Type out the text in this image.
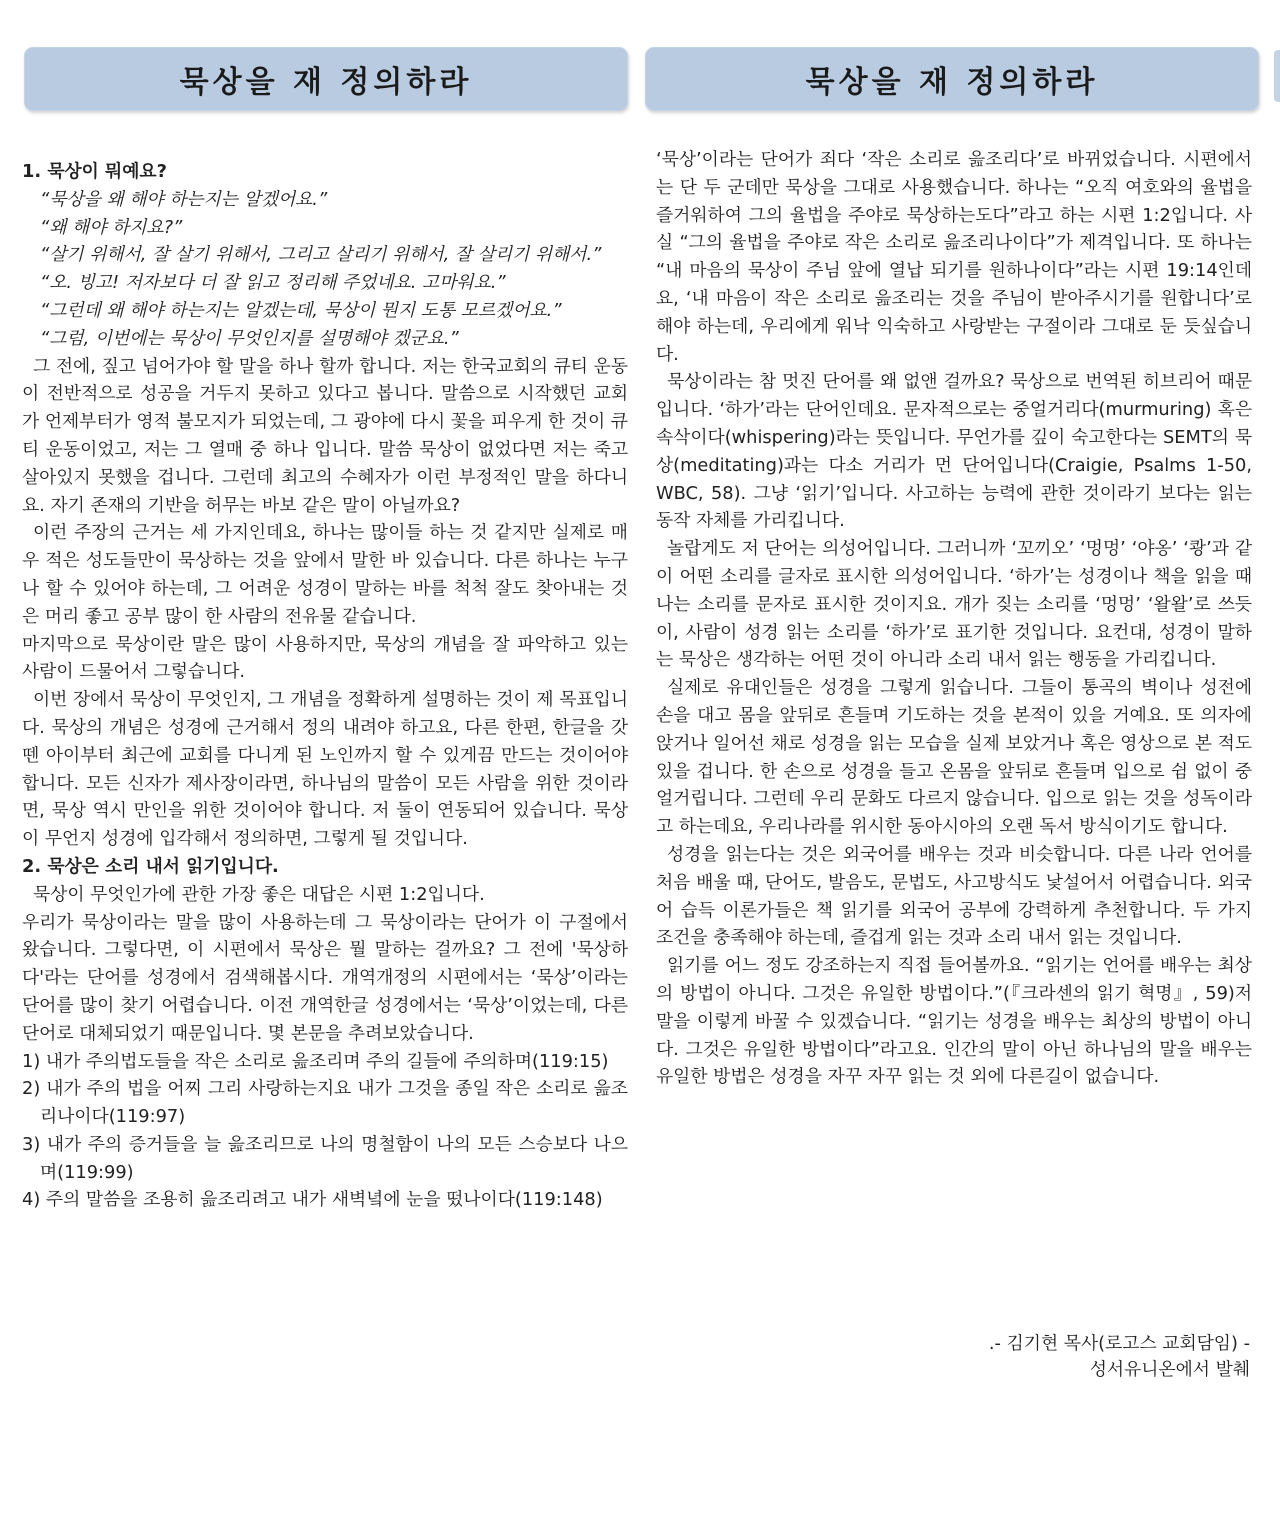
묵상을 재 정의하라	묵상을 재 정의하라

1. 묵상이 뭐예요?

“묵상을 왜 해야 하는지는 알겠어요.”

“왜 해야 하지요?”

“살기 위해서, 잘 살기 위해서, 그리고 살리기 위해서, 잘 살리기 위해서.”

“오. 빙고! 저자보다 더 잘 읽고 정리해 주었네요. 고마워요.”

“그런데 왜 해야 하는지는 알겠는데, 묵상이 뭔지 도통 모르겠어요.”

“그럼, 이번에는 묵상이 무엇인지를 설명해야 겠군요.”

그 전에, 짚고 넘어가야 할 말을 하나 할까 합니다. 저는 한국교회의 큐티 운동이 전반적으로 성공을 거두지 못하고 있다고 봅니다. 말씀으로 시작했던 교회가 언제부터가 영적 불모지가 되었는데, 그 광야에 다시 꽃을 피우게 한 것이 큐티 운동이었고, 저는 그 열매 중 하나 입니다. 말씀 묵상이 없었다면 저는 죽고 살아있지 못했을 겁니다. 그런데 최고의 수혜자가 이런 부정적인 말을 하다니요. 자기 존재의 기반을 허무는 바보 같은 말이 아닐까요?

이런 주장의 근거는 세 가지인데요, 하나는 많이들 하는 것 같지만 실제로 매우 적은 성도들만이 묵상하는 것을 앞에서 말한 바 있습니다. 다른 하나는 누구나 할 수 있어야 하는데, 그 어려운 성경이 말하는 바를 척척 잘도 찾아내는 것은 머리 좋고 공부 많이 한 사람의 전유물 같습니다.

마지막으로 묵상이란 말은 많이 사용하지만, 묵상의 개념을 잘 파악하고 있는 사람이 드물어서 그렇습니다.

이번 장에서 묵상이 무엇인지, 그 개념을 정확하게 설명하는 것이 제 목표입니다. 묵상의 개념은 성경에 근거해서 정의 내려야 하고요, 다른 한편, 한글을 갓 뗀 아이부터 최근에 교회를 다니게 된 노인까지 할 수 있게끔 만드는 것이어야 합니다. 모든 신자가 제사장이라면, 하나님의 말씀이 모든 사람을 위한 것이라면, 묵상 역시 만인을 위한 것이어야 합니다. 저 둘이 연동되어 있습니다. 묵상이 무언지 성경에 입각해서 정의하면, 그렇게 될 것입니다.

2. 묵상은 소리 내서 읽기입니다.

묵상이 무엇인가에 관한 가장 좋은 대답은 시편 1:2입니다.

우리가 묵상이라는 말을 많이 사용하는데 그 묵상이라는 단어가 이 구절에서 왔습니다. 그렇다면, 이 시편에서 묵상은 뭘 말하는 걸까요? 그 전에 '묵상하다'라는 단어를 성경에서 검색해봅시다. 개역개정의 시편에서는 ‘묵상’이라는 단어를 많이 찾기 어렵습니다. 이전 개역한글 성경에서는 ‘묵상’이었는데, 다른 단어로 대체되었기 때문입니다. 몇 본문을 추려보았습니다.

1) 내가 주의법도들을 작은 소리로 읊조리며 주의 길들에 주의하며(119:15)

2) 내가 주의 법을 어찌 그리 사랑하는지요 내가 그것을 종일 작은 소리로 읊조리나이다(119:97)

3) 내가 주의 증거들을 늘 읊조리므로 나의 명철함이 나의 모든 스승보다 나으며(119:99)

4) 주의 말씀을 조용히 읊조리려고 내가 새벽녘에 눈을 떴나이다(119:148)

‘묵상’이라는 단어가 죄다 ‘작은 소리로 읊조리다’로 바뀌었습니다. 시편에서는 단 두 군데만 묵상을 그대로 사용했습니다. 하나는 “오직 여호와의 율법을 즐거워하여 그의 율법을 주야로 묵상하는도다”라고 하는 시편 1:2입니다. 사실 “그의 율법을 주야로 작은 소리로 읊조리나이다”가 제격입니다. 또 하나는 “내 마음의 묵상이 주님 앞에 열납 되기를 원하나이다”라는 시편 19:14인데요, ‘내 마음이 작은 소리로 읊조리는 것을 주님이 받아주시기를 원합니다’로 해야 하는데, 우리에게 워낙 익숙하고 사랑받는 구절이라 그대로 둔 듯싶습니다.

묵상이라는 참 멋진 단어를 왜 없앤 걸까요? 묵상으로 번역된 히브리어 때문입니다. ‘하가’라는 단어인데요. 문자적으로는 중얼거리다(murmuring) 혹은 속삭이다(whispering)라는 뜻입니다. 무언가를 깊이 숙고한다는 SEMT의 묵상(meditating)과는 다소 거리가 먼 단어입니다(Craigie, Psalms 1-50, WBC, 58). 그냥 ‘읽기’입니다. 사고하는 능력에 관한 것이라기 보다는 읽는 동작 자체를 가리킵니다.

놀랍게도 저 단어는 의성어입니다. 그러니까 ‘꼬끼오’ ‘멍멍’ ‘야옹’ ‘쾅’과 같이 어떤 소리를 글자로 표시한 의성어입니다. ‘하가’는 성경이나 책을 읽을 때 나는 소리를 문자로 표시한 것이지요. 개가 짖는 소리를 ‘멍멍’ ‘왈왈’로 쓰듯이, 사람이 성경 읽는 소리를 ‘하가’로 표기한 것입니다. 요컨대, 성경이 말하는 묵상은 생각하는 어떤 것이 아니라 소리 내서 읽는 행동을 가리킵니다.

실제로 유대인들은 성경을 그렇게 읽습니다. 그들이 통곡의 벽이나 성전에 손을 대고 몸을 앞뒤로 흔들며 기도하는 것을 본적이 있을 거예요. 또 의자에 앉거나 일어선 채로 성경을 읽는 모습을 실제 보았거나 혹은 영상으로 본 적도 있을 겁니다. 한 손으로 성경을 들고 온몸을 앞뒤로 흔들며 입으로 쉼 없이 중얼거립니다. 그런데 우리 문화도 다르지 않습니다. 입으로 읽는 것을 성독이라고 하는데요, 우리나라를 위시한 동아시아의 오랜 독서 방식이기도 합니다.

성경을 읽는다는 것은 외국어를 배우는 것과 비슷합니다. 다른 나라 언어를 처음 배울 때, 단어도, 발음도, 문법도, 사고방식도 낯설어서 어렵습니다. 외국어 습득 이론가들은 책 읽기를 외국어 공부에 강력하게 추천합니다. 두 가지 조건을 충족해야 하는데, 즐겁게 읽는 것과 소리 내서 읽는 것입니다.

읽기를 어느 정도 강조하는지 직접 들어볼까요. “읽기는 언어를 배우는 최상의 방법이 아니다. 그것은 유일한 방법이다.”(『크라센의 읽기 혁명』, 59)저 말을 이렇게 바꿀 수 있겠습니다. “읽기는 성경을 배우는 최상의 방법이 아니다. 그것은 유일한 방법이다”라고요. 인간의 말이 아닌 하나님의 말을 배우는 유일한 방법은 성경을 자꾸 자꾸 읽는 것 외에 다른길이 없습니다.

.- 김기현 목사(로고스 교회담임) -
성서유니온에서 발췌
